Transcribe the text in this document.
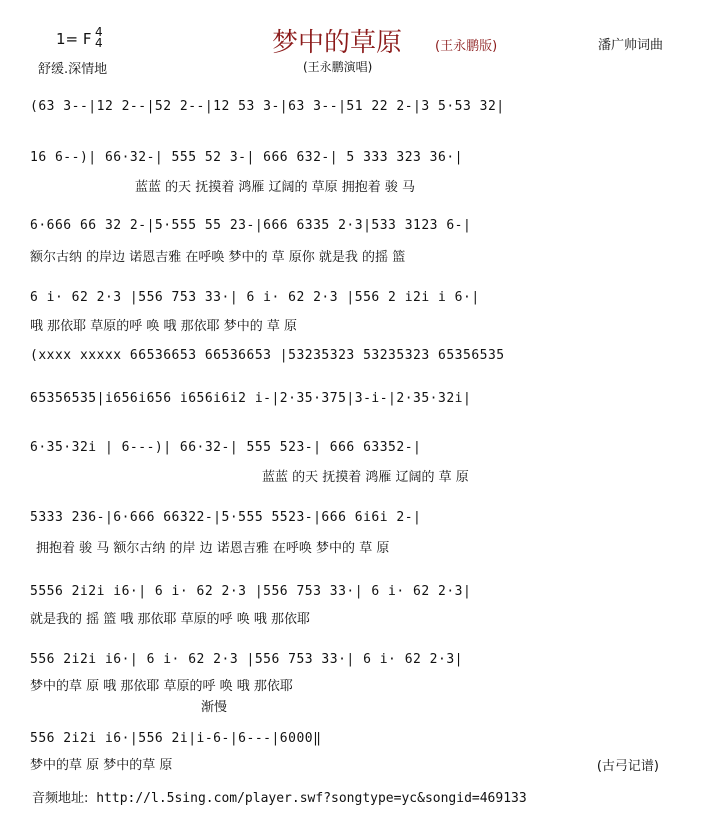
1= F 4
4
舒缓.深情地
梦中的草原	(王永鹏版)
(王永鹏演唱)
潘广帅词曲
(63 3--|12 2--|52 2--|12 53 3-|63 3--|51 22 2-|3 5·53 32|
16 6--)| 66·32-| 555 52 3-| 666 632-| 5 333 323 36·|
蓝蓝 的天 抚摸着 鸿雁 辽阔的 草原 拥抱着 骏 马
6·666 66 32 2-|5·555 55 23-|666 6335 2·3|533 3123 6-|
额尔古纳 的岸边 诺恩吉雅 在呼唤 梦中的 草 原你 就是我 的摇 篮
6 i· 62 2·3 |556 753 33·| 6 i· 62 2·3 |556 2 i2i i 6·|
哦 那依耶 草原的呼 唤 哦 那依耶 梦中的 草 原
(xxxx xxxxx 66536653 66536653 |53235323 53235323 65356535
65356535|i656i656 i656i6i2 i-|2·35·375|3-i-|2·35·32i|
6·35·32i | 6---)| 66·32-| 555 523-| 666 63352-|
蓝蓝 的天 抚摸着 鸿雁 辽阔的 草 原
5333 236-|6·666 66322-|5·555 5523-|666 6i6i 2-|
拥抱着 骏 马 额尔古纳 的岸 边 诺恩吉雅 在呼唤 梦中的 草 原
5556 2i2i i6·| 6 i· 62 2·3 |556 753 33·| 6 i· 62 2·3|
就是我的 摇 篮 哦 那依耶 草原的呼 唤 哦 那依耶
556 2i2i i6·| 6 i· 62 2·3 |556 753 33·| 6 i· 62 2·3|
梦中的草 原 哦 那依耶 草原的呼 唤 哦 那依耶
渐慢
556 2i2i i6·|556 2i|i-6-|6---|6000‖
梦中的草 原 梦中的草 原	(古弓记谱)
音频地址: http://l.5sing.com/player.swf?songtype=yc&songid=469133
